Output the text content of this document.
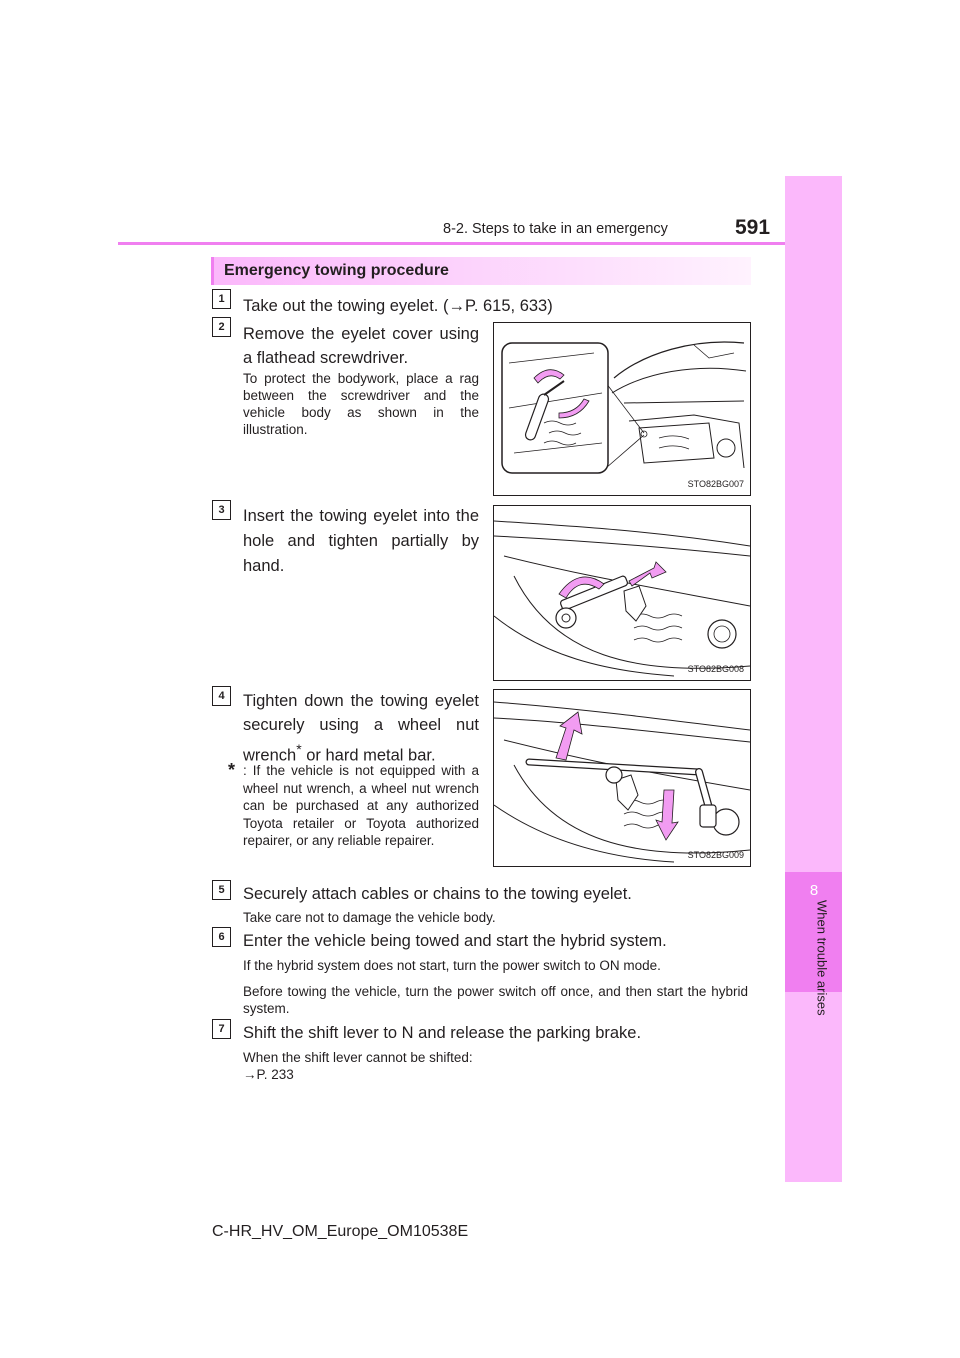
8-2. Steps to take in an emergency	591
8
When trouble arises
Emergency towing procedure
1	Take out the towing eyelet. (→P. 615, 633)
2	Remove the eyelet cover using a flathead screwdriver.
To protect the bodywork, place a rag between the screwdriver and the vehicle body as shown in the illustration.
STO82BG007
3	Insert the towing eyelet into the hole and tighten partially by hand.
STO82BG008
4	Tighten down the towing eyelet securely using a wheel nut wrench* or hard metal bar.
* : If the vehicle is not equipped with a wheel nut wrench, a wheel nut wrench can be purchased at any authorized Toyota retailer or Toyota authorized repairer, or any reliable repairer.
STO82BG009
5	Securely attach cables or chains to the towing eyelet.
Take care not to damage the vehicle body.
6	Enter the vehicle being towed and start the hybrid system.
If the hybrid system does not start, turn the power switch to ON mode.
Before towing the vehicle, turn the power switch off once, and then start the hybrid system.
7	Shift the shift lever to N and release the parking brake.
When the shift lever cannot be shifted:
→P. 233
C-HR_HV_OM_Europe_OM10538E
